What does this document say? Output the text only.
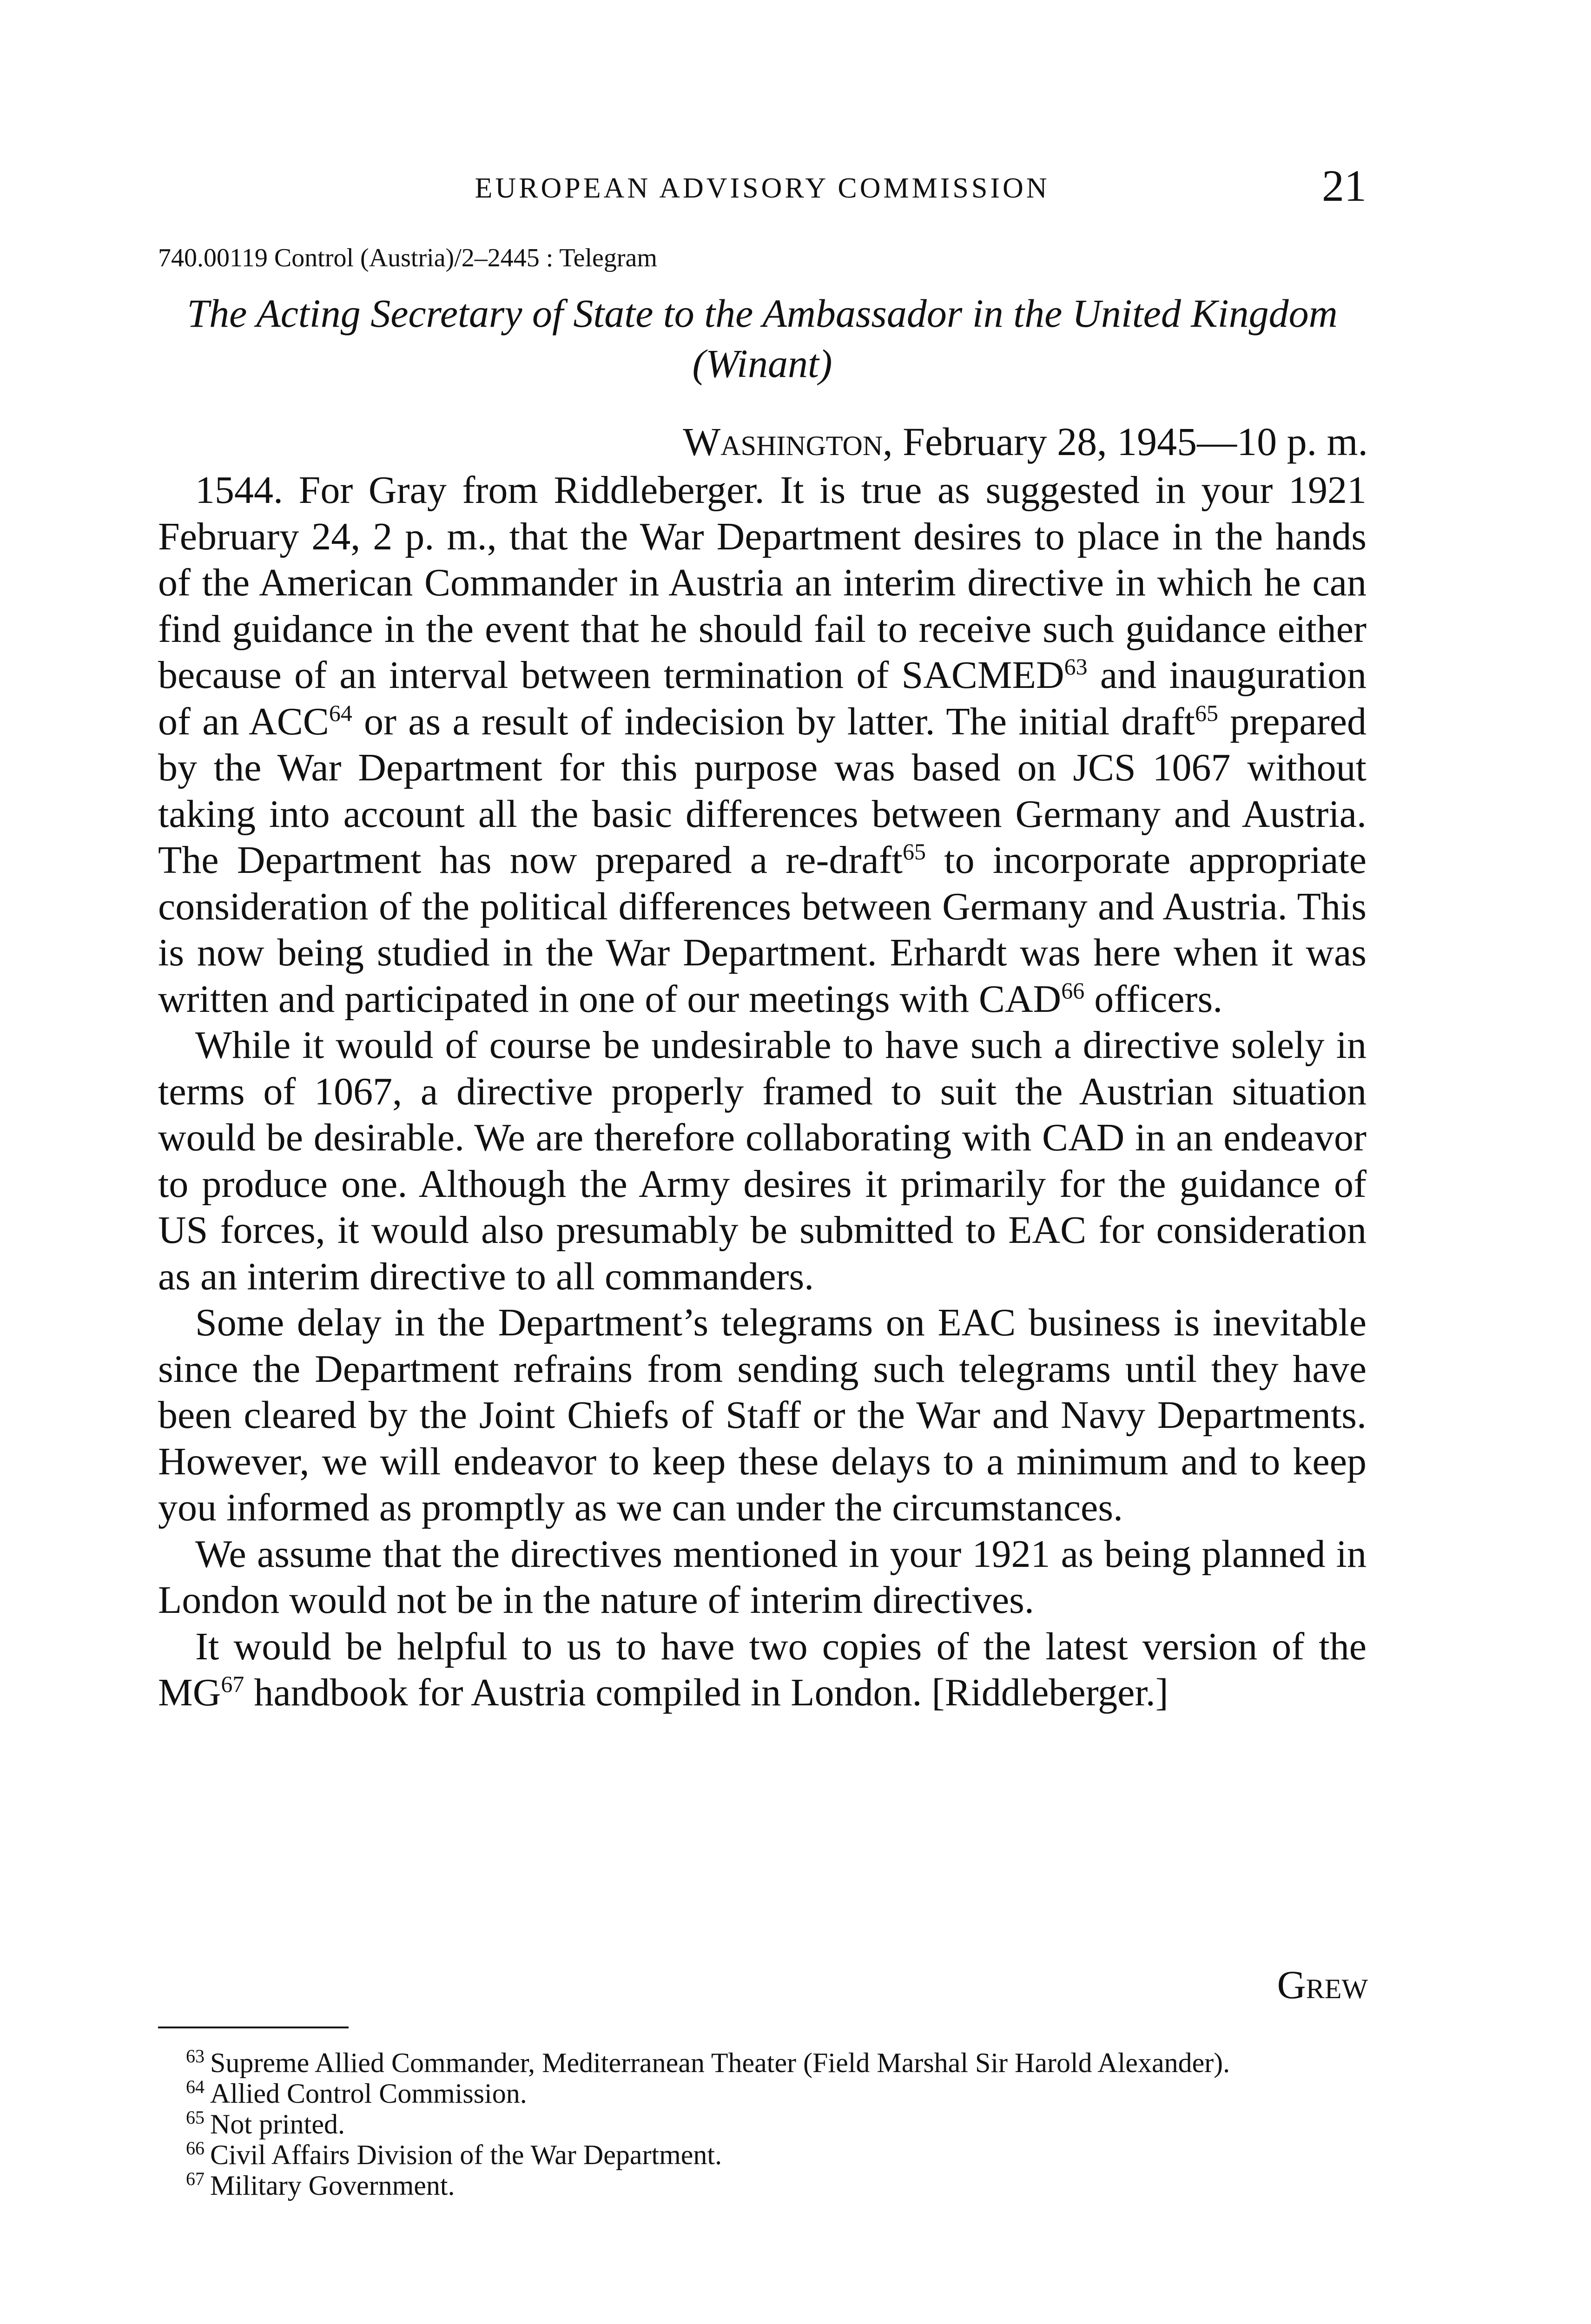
EUROPEAN ADVISORY COMMISSION	21
740.00119 Control (Austria)/2–2445 : Telegram
The Acting Secretary of State to the Ambassador in the United Kingdom (Winant)
Washington, February 28, 1945—10 p. m.

1544. For Gray from Riddleberger. It is true as suggested in your 1921 February 24, 2 p. m., that the War Department desires to place in the hands of the American Commander in Austria an interim directive in which he can find guidance in the event that he should fail to receive such guidance either because of an interval between termination of SACMED$^{63}$ and inauguration of an ACC$^{64}$ or as a result of indecision by latter. The initial draft$^{65}$ prepared by the War Department for this purpose was based on JCS 1067 without taking into account all the basic differences between Germany and Austria. The Department has now prepared a re-draft$^{65}$ to incorporate appropriate consideration of the political differences between Germany and Austria. This is now being studied in the War Department. Erhardt was here when it was written and participated in one of our meetings with CAD$^{66}$ officers.

While it would of course be undesirable to have such a directive solely in terms of 1067, a directive properly framed to suit the Austrian situation would be desirable. We are therefore collaborating with CAD in an endeavor to produce one. Although the Army desires it primarily for the guidance of US forces, it would also presumably be submitted to EAC for consideration as an interim directive to all commanders.

Some delay in the Department’s telegrams on EAC business is inevitable since the Department refrains from sending such telegrams until they have been cleared by the Joint Chiefs of Staff or the War and Navy Departments. However, we will endeavor to keep these delays to a minimum and to keep you informed as promptly as we can under the circumstances.

We assume that the directives mentioned in your 1921 as being planned in London would not be in the nature of interim directives.

It would be helpful to us to have two copies of the latest version of the MG$^{67}$ handbook for Austria compiled in London. [Riddleberger.]

Grew

$^{63}$ Supreme Allied Commander, Mediterranean Theater (Field Marshal Sir Harold Alexander).

$^{64}$ Allied Control Commission.

$^{65}$ Not printed.

$^{66}$ Civil Affairs Division of the War Department.

$^{67}$ Military Government.
